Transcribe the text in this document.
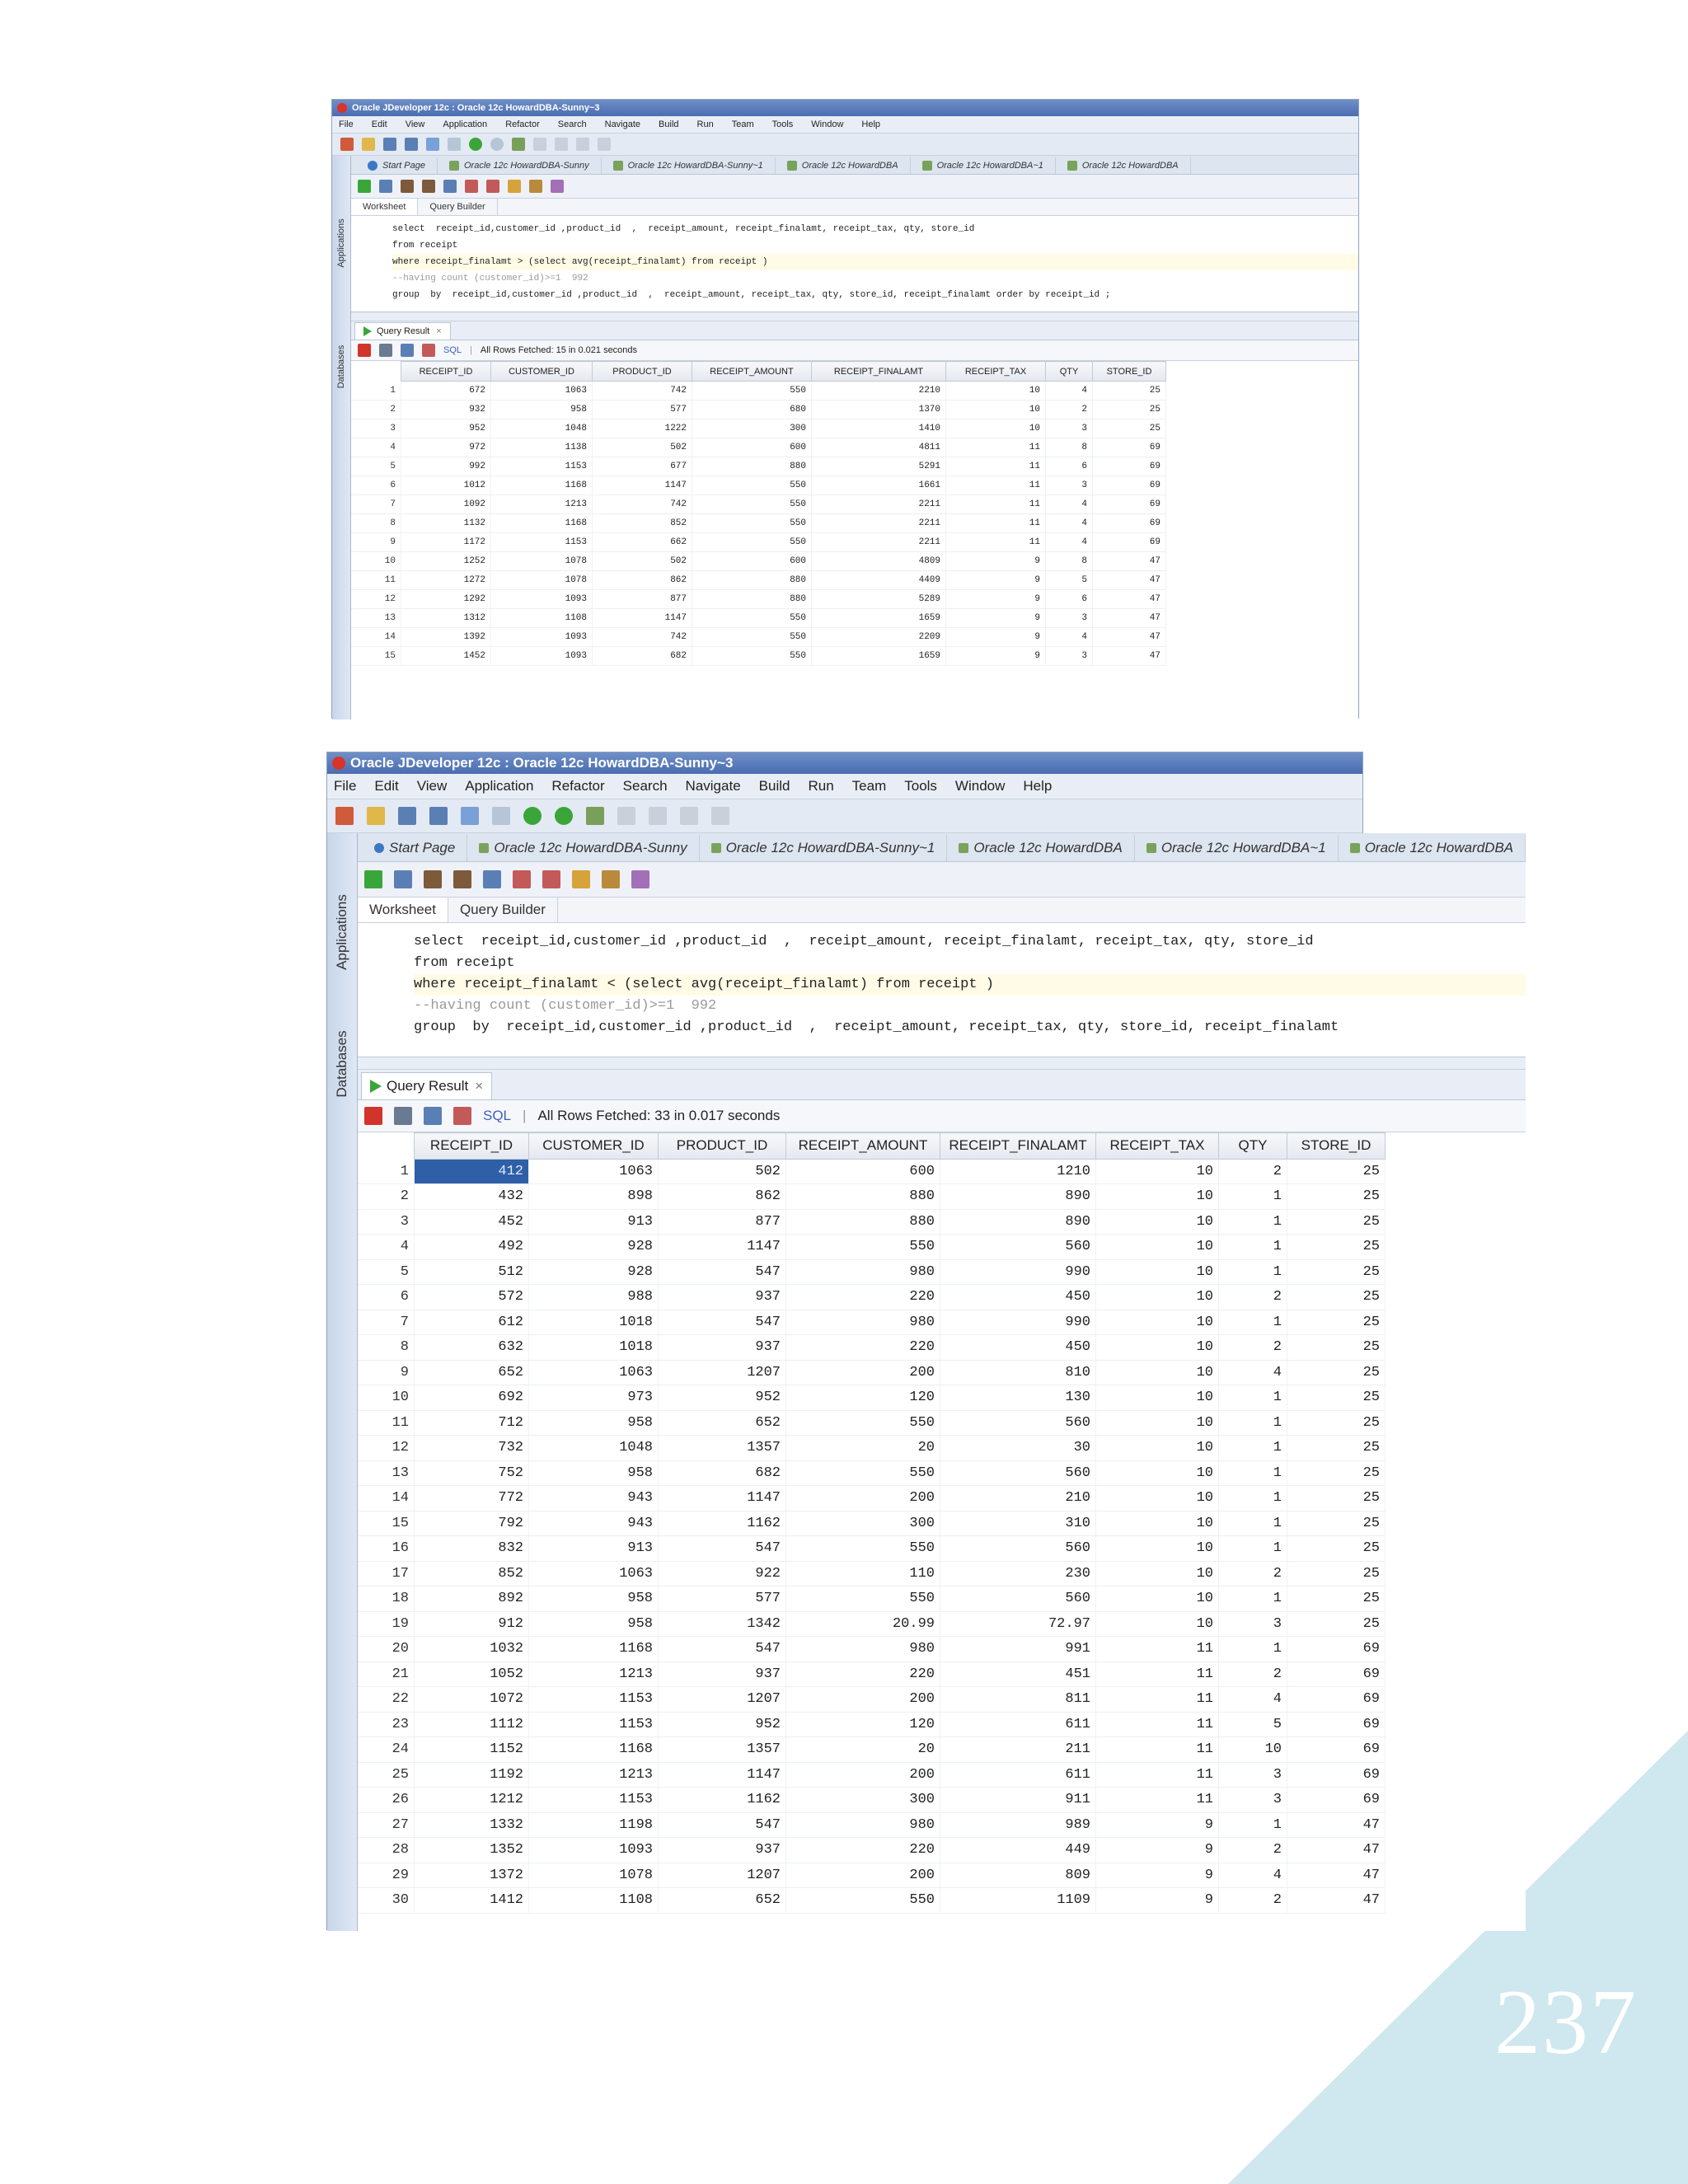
237
Oracle JDeveloper 12c : Oracle 12c HowardDBA-Sunny~3
File Edit View Application Refactor Search Navigate Build Run Team Tools Window Help
Applications
Databases
Start Page	Oracle 12c HowardDBA-Sunny	Oracle 12c HowardDBA-Sunny~1	Oracle 12c HowardDBA	Oracle 12c HowardDBA~1	Oracle 12c HowardDBA
Worksheet	Query Builder
select  receipt_id,customer_id ,product_id  ,  receipt_amount, receipt_finalamt, receipt_tax, qty, store_id
from receipt
where receipt_finalamt > (select avg(receipt_finalamt) from receipt )
--having count (customer_id)>=1  992
group  by  receipt_id,customer_id ,product_id  ,  receipt_amount, receipt_tax, qty, store_id, receipt_finalamt order by receipt_id ;
Query Result ×
SQL | All Rows Fetched: 15 in 0.021 seconds
	RECEIPT_ID	CUSTOMER_ID	PRODUCT_ID	RECEIPT_AMOUNT	RECEIPT_FINALAMT	RECEIPT_TAX	QTY	STORE_ID
1	672	1063	742	550	2210	10	4	25
2	932	958	577	680	1370	10	2	25
3	952	1048	1222	300	1410	10	3	25
4	972	1138	502	600	4811	11	8	69
5	992	1153	677	880	5291	11	6	69
6	1012	1168	1147	550	1661	11	3	69
7	1092	1213	742	550	2211	11	4	69
8	1132	1168	852	550	2211	11	4	69
9	1172	1153	662	550	2211	11	4	69
10	1252	1078	502	600	4809	9	8	47
11	1272	1078	862	880	4409	9	5	47
12	1292	1093	877	880	5289	9	6	47
13	1312	1108	1147	550	1659	9	3	47
14	1392	1093	742	550	2209	9	4	47
15	1452	1093	682	550	1659	9	3	47
Oracle JDeveloper 12c : Oracle 12c HowardDBA-Sunny~3
File Edit View Application Refactor Search Navigate Build Run Team Tools Window Help
Applications
Databases
Start Page	Oracle 12c HowardDBA-Sunny	Oracle 12c HowardDBA-Sunny~1	Oracle 12c HowardDBA	Oracle 12c HowardDBA~1	Oracle 12c HowardDBA
Worksheet	Query Builder
select  receipt_id,customer_id ,product_id  ,  receipt_amount, receipt_finalamt, receipt_tax, qty, store_id
from receipt
where receipt_finalamt < (select avg(receipt_finalamt) from receipt )
--having count (customer_id)>=1  992
group  by  receipt_id,customer_id ,product_id  ,  receipt_amount, receipt_tax, qty, store_id, receipt_finalamt
Query Result ×
SQL | All Rows Fetched: 33 in 0.017 seconds
	RECEIPT_ID	CUSTOMER_ID	PRODUCT_ID	RECEIPT_AMOUNT	RECEIPT_FINALAMT	RECEIPT_TAX	QTY	STORE_ID
1	412	1063	502	600	1210	10	2	25
2	432	898	862	880	890	10	1	25
3	452	913	877	880	890	10	1	25
4	492	928	1147	550	560	10	1	25
5	512	928	547	980	990	10	1	25
6	572	988	937	220	450	10	2	25
7	612	1018	547	980	990	10	1	25
8	632	1018	937	220	450	10	2	25
9	652	1063	1207	200	810	10	4	25
10	692	973	952	120	130	10	1	25
11	712	958	652	550	560	10	1	25
12	732	1048	1357	20	30	10	1	25
13	752	958	682	550	560	10	1	25
14	772	943	1147	200	210	10	1	25
15	792	943	1162	300	310	10	1	25
16	832	913	547	550	560	10	1	25
17	852	1063	922	110	230	10	2	25
18	892	958	577	550	560	10	1	25
19	912	958	1342	20.99	72.97	10	3	25
20	1032	1168	547	980	991	11	1	69
21	1052	1213	937	220	451	11	2	69
22	1072	1153	1207	200	811	11	4	69
23	1112	1153	952	120	611	11	5	69
24	1152	1168	1357	20	211	11	10	69
25	1192	1213	1147	200	611	11	3	69
26	1212	1153	1162	300	911	11	3	69
27	1332	1198	547	980	989	9	1	47
28	1352	1093	937	220	449	9	2	47
29	1372	1078	1207	200	809	9	4	47
30	1412	1108	652	550	1109	9	2	47
